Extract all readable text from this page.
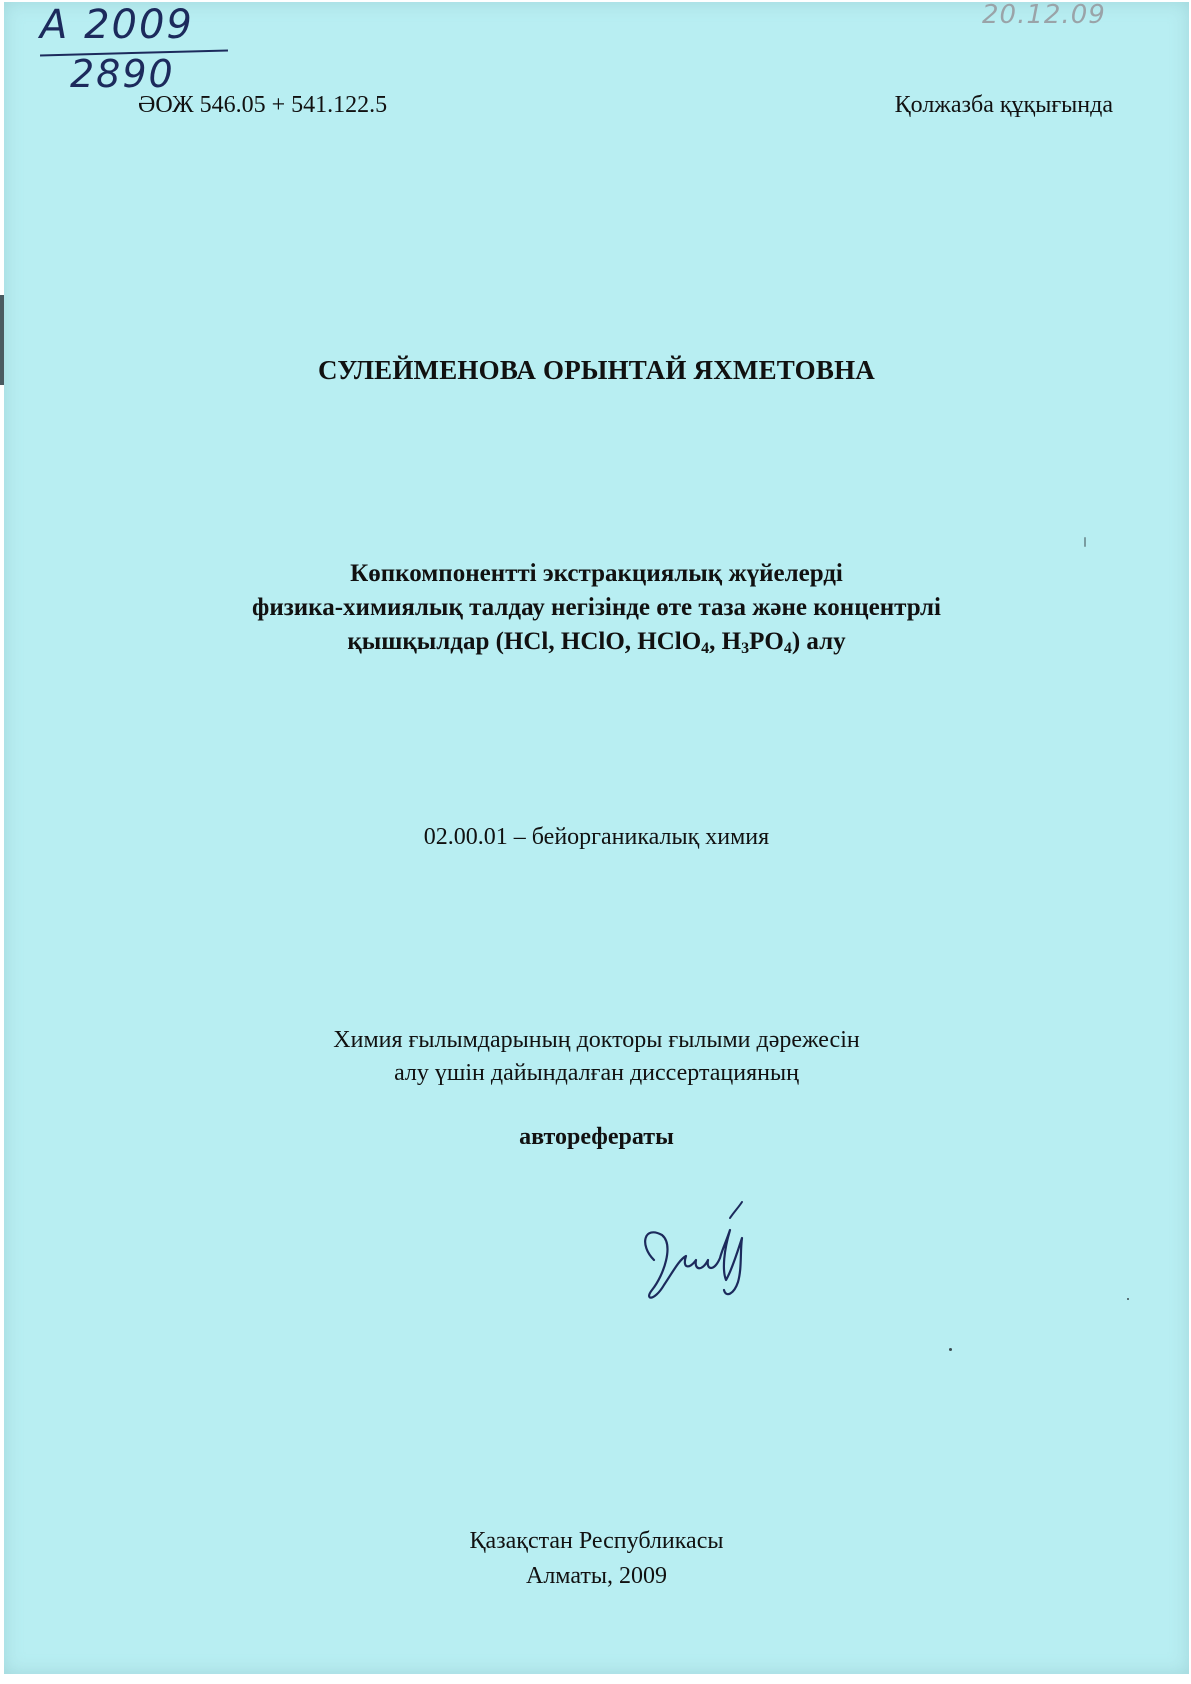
А 2009
2890
20.12.09
ӘОЖ 546.05 + 541.122.5	Қолжазба құқығында
СУЛЕЙМЕНОВА ОРЫНТАЙ ЯХМЕТОВНА
Көпкомпонентті экстракциялық жүйелерді
физика-химиялық талдау негізінде өте таза және концентрлі
қышқылдар (HCl, HClO, HClO$_4$, $H_3PO_4$) алу
02.00.01 – бейорганикалық химия
Химия ғылымдарының докторы ғылыми дәрежесін
алу үшін дайындалған диссертацияның
авторефераты
Қазақстан Республикасы
Алматы, 2009
